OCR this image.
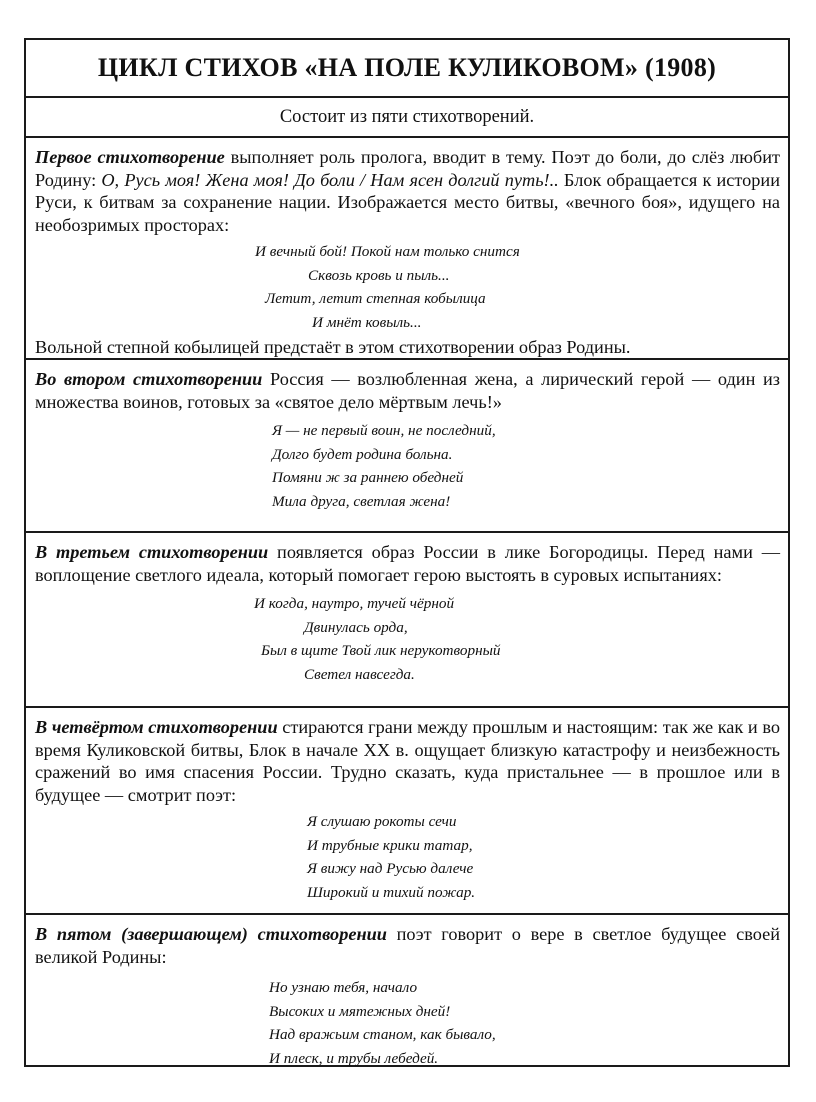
ЦИКЛ СТИХОВ «НА ПОЛЕ КУЛИКОВОМ» (1908)
Состоит из пяти стихотворений.

Первое стихотворение выполняет роль пролога, вводит в тему. Поэт до боли, до слёз любит Родину: О, Русь моя! Жена моя! До боли / Нам ясен долгий путь!.. Блок обращается к истории Руси, к битвам за сохранение нации. Изображается место битвы, «вечного боя», идущего на необозримых просторах:

И вечный бой! Покой нам только снится
Сквозь кровь и пыль...
Летит, летит степная кобылица
И мнёт ковыль...

Вольной степной кобылицей предстаёт в этом стихотворении образ Родины.

Во втором стихотворении Россия — возлюбленная жена, а лирический герой — один из множества воинов, готовых за «святое дело мёртвым лечь!»

Я — не первый воин, не последний,
Долго будет родина больна.
Помяни ж за раннею обедней
Мила друга, светлая жена!

В третьем стихотворении появляется образ России в лике Богородицы. Перед нами — воплощение светлого идеала, который помогает герою выстоять в суровых испытаниях:

И когда, наутро, тучей чёрной
Двинулась орда,
Был в щите Твой лик нерукотворный
Светел навсегда.

В четвёртом стихотворении стираются грани между прошлым и настоящим: так же как и во время Куликовской битвы, Блок в начале XX в. ощущает близкую катастрофу и неизбежность сражений во имя спасения России. Трудно сказать, куда пристальнее — в прошлое или в будущее — смотрит поэт:

Я слушаю рокоты сечи
И трубные крики татар,
Я вижу над Русью далече
Широкий и тихий пожар.

В пятом (завершающем) стихотворении поэт говорит о вере в светлое будущее своей великой Родины:

Но узнаю тебя, начало
Высоких и мятежных дней!
Над вражьим станом, как бывало,
И плеск, и трубы лебедей.
